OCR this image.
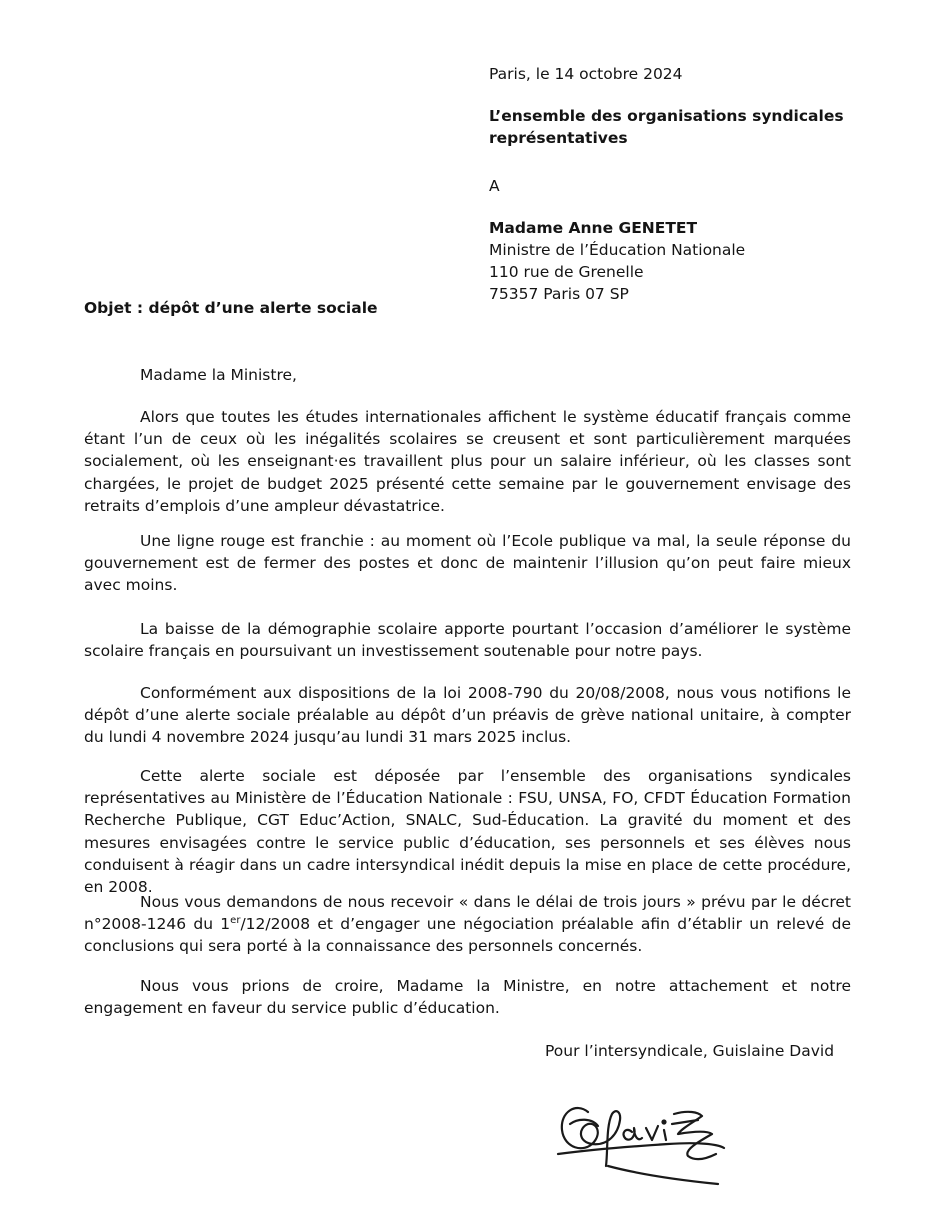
Paris, le 14 octobre 2024
L’ensemble des organisations syndicales
représentatives
A
Madame Anne GENETET
Ministre de l’Éducation Nationale
110 rue de Grenelle
75357 Paris 07 SP
Objet : dépôt d’une alerte sociale
Madame la Ministre,

Alors que toutes les études internationales affichent le système éducatif français comme étant l’un de ceux où les inégalités scolaires se creusent et sont particulièrement marquées socialement, où les enseignant·es travaillent plus pour un salaire inférieur, où les classes sont chargées, le projet de budget 2025 présenté cette semaine par le gouvernement envisage des retraits d’emplois d’une ampleur dévastatrice.

Une ligne rouge est franchie : au moment où l’Ecole publique va mal, la seule réponse du gouvernement est de fermer des postes et donc de maintenir l’illusion qu’on peut faire mieux avec moins.

La baisse de la démographie scolaire apporte pourtant l’occasion d’améliorer le système scolaire français en poursuivant un investissement soutenable pour notre pays.

Conformément aux dispositions de la loi 2008-790 du 20/08/2008, nous vous notifions le dépôt d’une alerte sociale préalable au dépôt d’un préavis de grève national unitaire, à compter du lundi 4 novembre 2024 jusqu’au lundi 31 mars 2025 inclus.

Cette alerte sociale est déposée par l’ensemble des organisations syndicales représentatives au Ministère de l’Éducation Nationale : FSU, UNSA, FO, CFDT Éducation Formation Recherche Publique, CGT Educ’Action, SNALC, Sud-Éducation. La gravité du moment et des mesures envisagées contre le service public d’éducation, ses personnels et ses élèves nous conduisent à réagir dans un cadre intersyndical inédit depuis la mise en place de cette procédure, en 2008.

Nous vous demandons de nous recevoir « dans le délai de trois jours » prévu par le décret n°2008-1246 du 1er/12/2008 et d’engager une négociation préalable afin d’établir un relevé de conclusions qui sera porté à la connaissance des personnels concernés.

Nous vous prions de croire, Madame la Ministre, en notre attachement et notre engagement en faveur du service public d’éducation.

Pour l’intersyndicale, Guislaine David
